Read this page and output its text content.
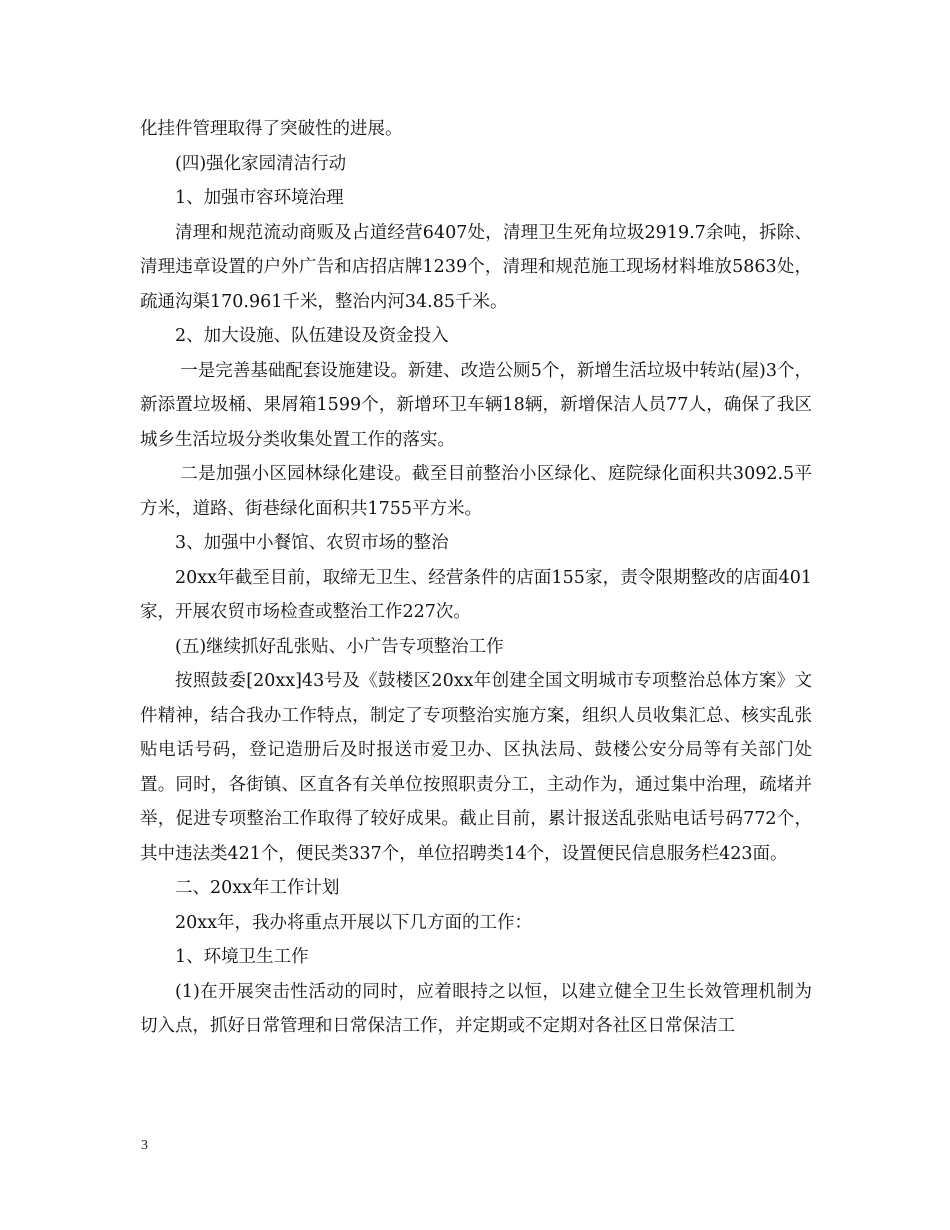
化挂件管理取得了突破性的进展。

(四)强化家园清洁行动

1、加强市容环境治理

清理和规范流动商贩及占道经营6407处，清理卫生死角垃圾2919.7余吨，拆除、清理违章设置的户外广告和店招店牌1239个，清理和规范施工现场材料堆放5863处，疏通沟渠170.961千米，整治内河34.85千米。

2、加大设施、队伍建设及资金投入

一是完善基础配套设施建设。新建、改造公厕5个，新增生活垃圾中转站(屋)3个，新添置垃圾桶、果屑箱1599个，新增环卫车辆18辆，新增保洁人员77人，确保了我区城乡生活垃圾分类收集处置工作的落实。

二是加强小区园林绿化建设。截至目前整治小区绿化、庭院绿化面积共3092.5平方米，道路、街巷绿化面积共1755平方米。

3、加强中小餐馆、农贸市场的整治

20xx年截至目前，取缔无卫生、经营条件的店面155家，责令限期整改的店面401家，开展农贸市场检查或整治工作227次。

(五)继续抓好乱张贴、小广告专项整治工作

按照鼓委[20xx]43号及《鼓楼区20xx年创建全国文明城市专项整治总体方案》文件精神，结合我办工作特点，制定了专项整治实施方案，组织人员收集汇总、核实乱张贴电话号码，登记造册后及时报送市爱卫办、区执法局、鼓楼公安分局等有关部门处置。同时，各街镇、区直各有关单位按照职责分工，主动作为，通过集中治理，疏堵并举，促进专项整治工作取得了较好成果。截止目前，累计报送乱张贴电话号码772个，其中违法类421个，便民类337个，单位招聘类14个，设置便民信息服务栏423面。

二、20xx年工作计划

20xx年，我办将重点开展以下几方面的工作：

1、环境卫生工作

(1)在开展突击性活动的同时，应着眼持之以恒，以建立健全卫生长效管理机制为切入点，抓好日常管理和日常保洁工作，并定期或不定期对各社区日常保洁工

3
